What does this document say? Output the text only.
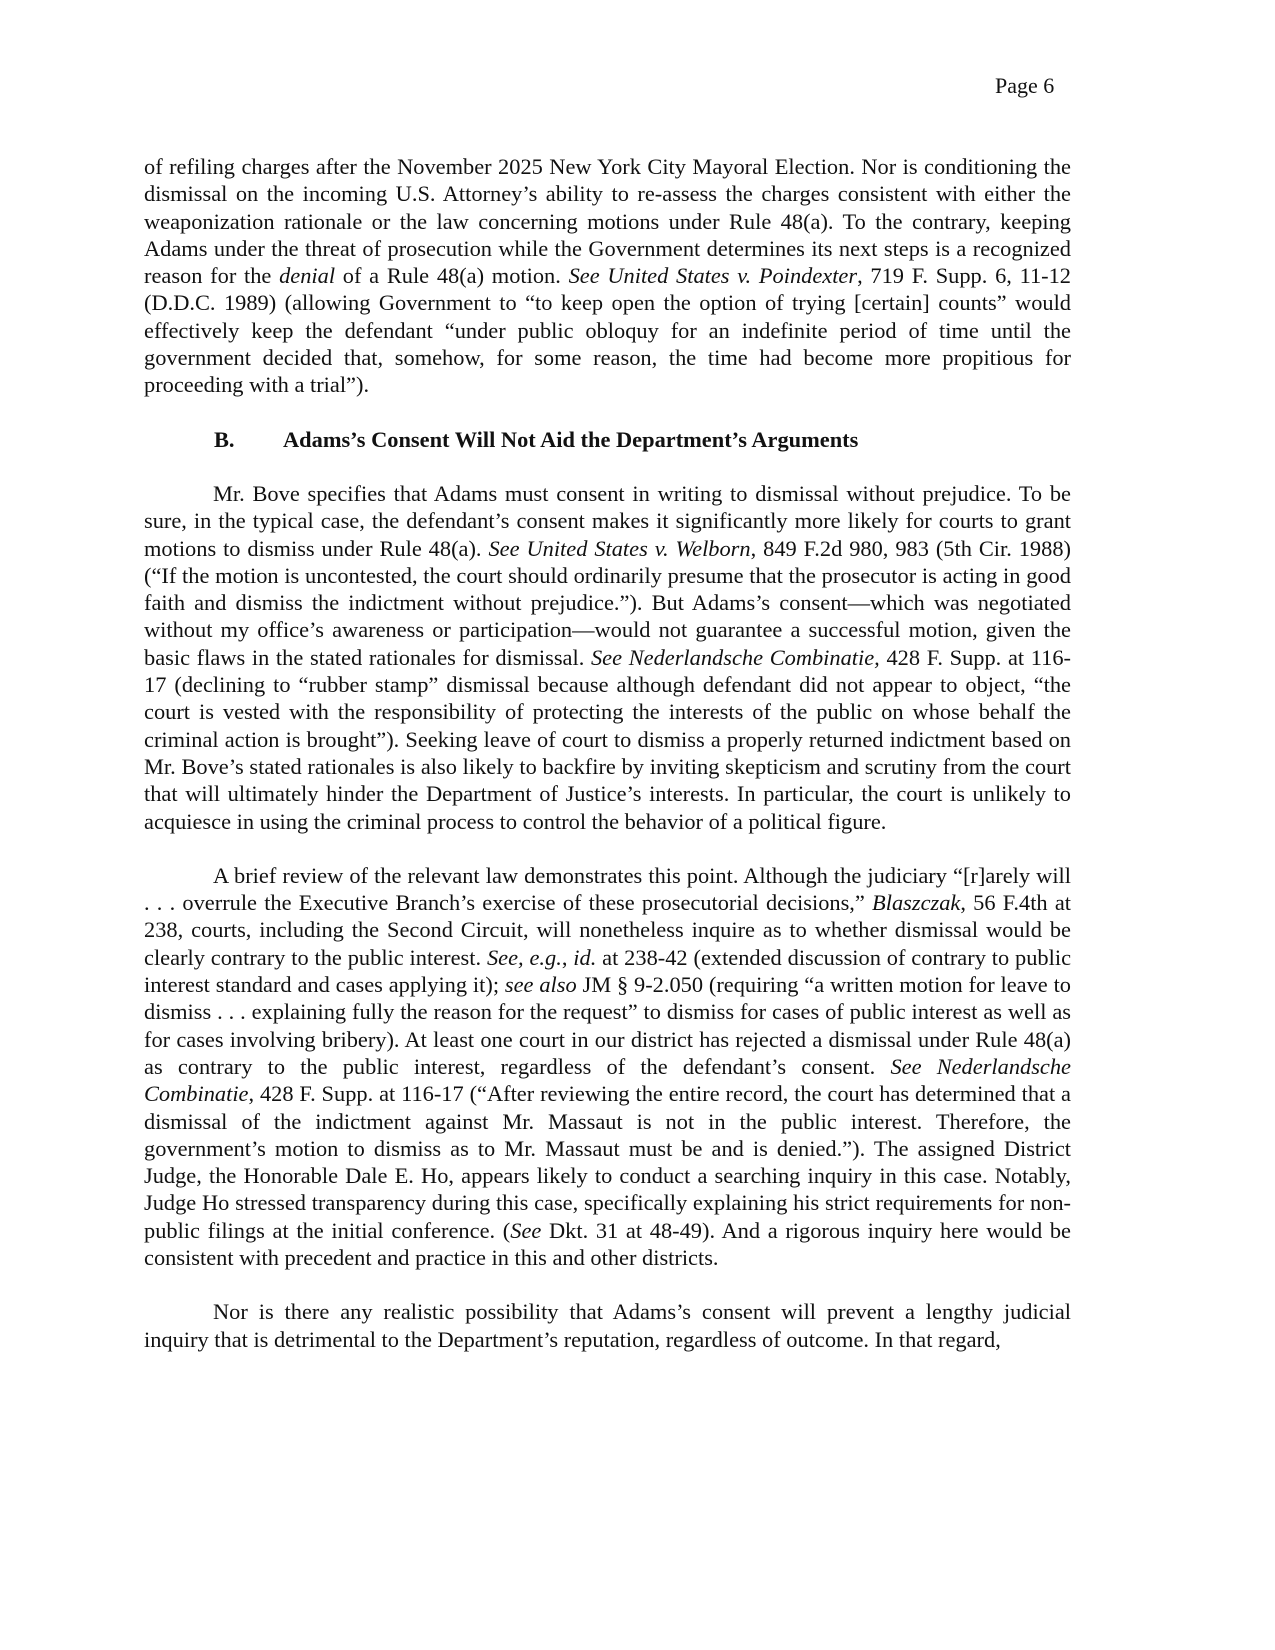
Page 6

of refiling charges after the November 2025 New York City Mayoral Election. Nor is conditioning the dismissal on the incoming U.S. Attorney’s ability to re-assess the charges consistent with either the weaponization rationale or the law concerning motions under Rule 48(a). To the contrary, keeping Adams under the threat of prosecution while the Government determines its next steps is a recognized reason for the denial of a Rule 48(a) motion. See United States v. Poindexter, 719 F. Supp. 6, 11-12 (D.D.C. 1989) (allowing Government to “to keep open the option of trying [certain] counts” would effectively keep the defendant “under public obloquy for an indefinite period of time until the government decided that, somehow, for some reason, the time had become more propitious for proceeding with a trial”).

B. Adams’s Consent Will Not Aid the Department’s Arguments

Mr. Bove specifies that Adams must consent in writing to dismissal without prejudice. To be sure, in the typical case, the defendant’s consent makes it significantly more likely for courts to grant motions to dismiss under Rule 48(a). See United States v. Welborn, 849 F.2d 980, 983 (5th Cir. 1988) (“If the motion is uncontested, the court should ordinarily presume that the prosecutor is acting in good faith and dismiss the indictment without prejudice.”). But Adams’s consent—which was negotiated without my office’s awareness or participation—would not guarantee a successful motion, given the basic flaws in the stated rationales for dismissal. See Nederlandsche Combinatie, 428 F. Supp. at 116-17 (declining to “rubber stamp” dismissal because although defendant did not appear to object, “the court is vested with the responsibility of protecting the interests of the public on whose behalf the criminal action is brought”). Seeking leave of court to dismiss a properly returned indictment based on Mr. Bove’s stated rationales is also likely to backfire by inviting skepticism and scrutiny from the court that will ultimately hinder the Department of Justice’s interests. In particular, the court is unlikely to acquiesce in using the criminal process to control the behavior of a political figure.

A brief review of the relevant law demonstrates this point. Although the judiciary “[r]arely will . . . overrule the Executive Branch’s exercise of these prosecutorial decisions,” Blaszczak, 56 F.4th at 238, courts, including the Second Circuit, will nonetheless inquire as to whether dismissal would be clearly contrary to the public interest. See, e.g., id. at 238-42 (extended discussion of contrary to public interest standard and cases applying it); see also JM § 9-2.050 (requiring “a written motion for leave to dismiss . . . explaining fully the reason for the request” to dismiss for cases of public interest as well as for cases involving bribery). At least one court in our district has rejected a dismissal under Rule 48(a) as contrary to the public interest, regardless of the defendant’s consent. See Nederlandsche Combinatie, 428 F. Supp. at 116-17 (“After reviewing the entire record, the court has determined that a dismissal of the indictment against Mr. Massaut is not in the public interest. Therefore, the government’s motion to dismiss as to Mr. Massaut must be and is denied.”). The assigned District Judge, the Honorable Dale E. Ho, appears likely to conduct a searching inquiry in this case. Notably, Judge Ho stressed transparency during this case, specifically explaining his strict requirements for non-public filings at the initial conference. (See Dkt. 31 at 48-49). And a rigorous inquiry here would be consistent with precedent and practice in this and other districts.

Nor is there any realistic possibility that Adams’s consent will prevent a lengthy judicial inquiry that is detrimental to the Department’s reputation, regardless of outcome. In that regard,
